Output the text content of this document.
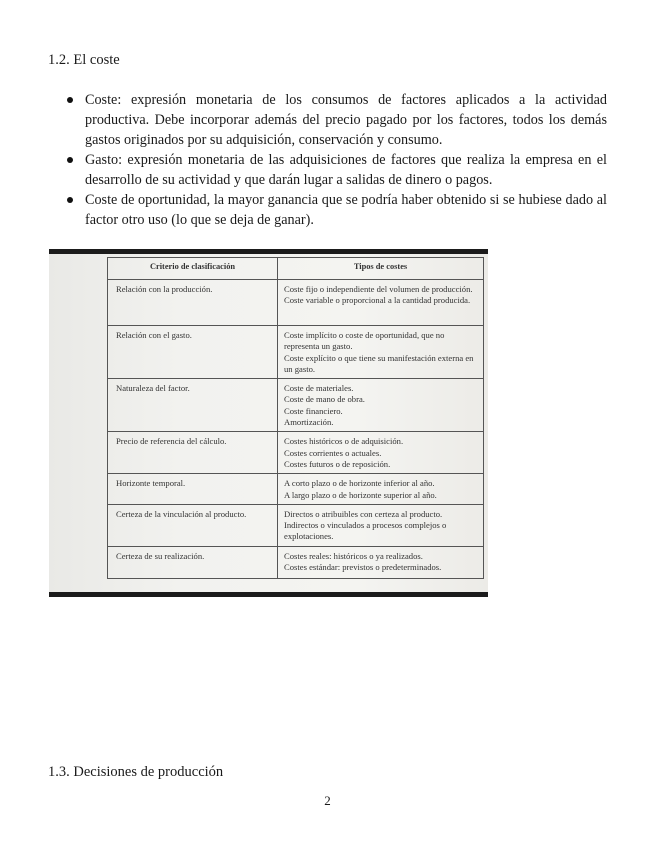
1.2. El coste
Coste: expresión monetaria de los consumos de factores aplicados a la actividad productiva. Debe incorporar además del precio pagado por los factores, todos los demás gastos originados por su adquisición, conservación y consumo.
Gasto: expresión monetaria de las adquisiciones de factores que realiza la empresa en el desarrollo de su actividad y que darán lugar a salidas de dinero o pagos.
Coste de oportunidad, la mayor ganancia que se podría haber obtenido si se hubiese dado al factor otro uso (lo que se deja de ganar).
Criterio de clasificación	Tipos de costes
Relación con la producción.	Coste fijo o independiente del volumen de producción.
Coste variable o proporcional a la cantidad producida.

Relación con el gasto.	Coste implícito o coste de oportunidad, que no representa un gasto.
Coste explícito o que tiene su manifestación externa en un gasto.

Naturaleza del factor.	Coste de materiales.
Coste de mano de obra.
Coste financiero.
Amortización.

Precio de referencia del cálculo.	Costes históricos o de adquisición.
Costes corrientes o actuales.
Costes futuros o de reposición.

Horizonte temporal.	A corto plazo o de horizonte inferior al año.
A largo plazo o de horizonte superior al año.

Certeza de la vinculación al producto.	Directos o atribuibles con certeza al producto.
Indirectos o vinculados a procesos complejos o explotaciones.

Certeza de su realización.	Costes reales: históricos o ya realizados.
Costes estándar: previstos o predeterminados.
1.3. Decisiones de producción
2
